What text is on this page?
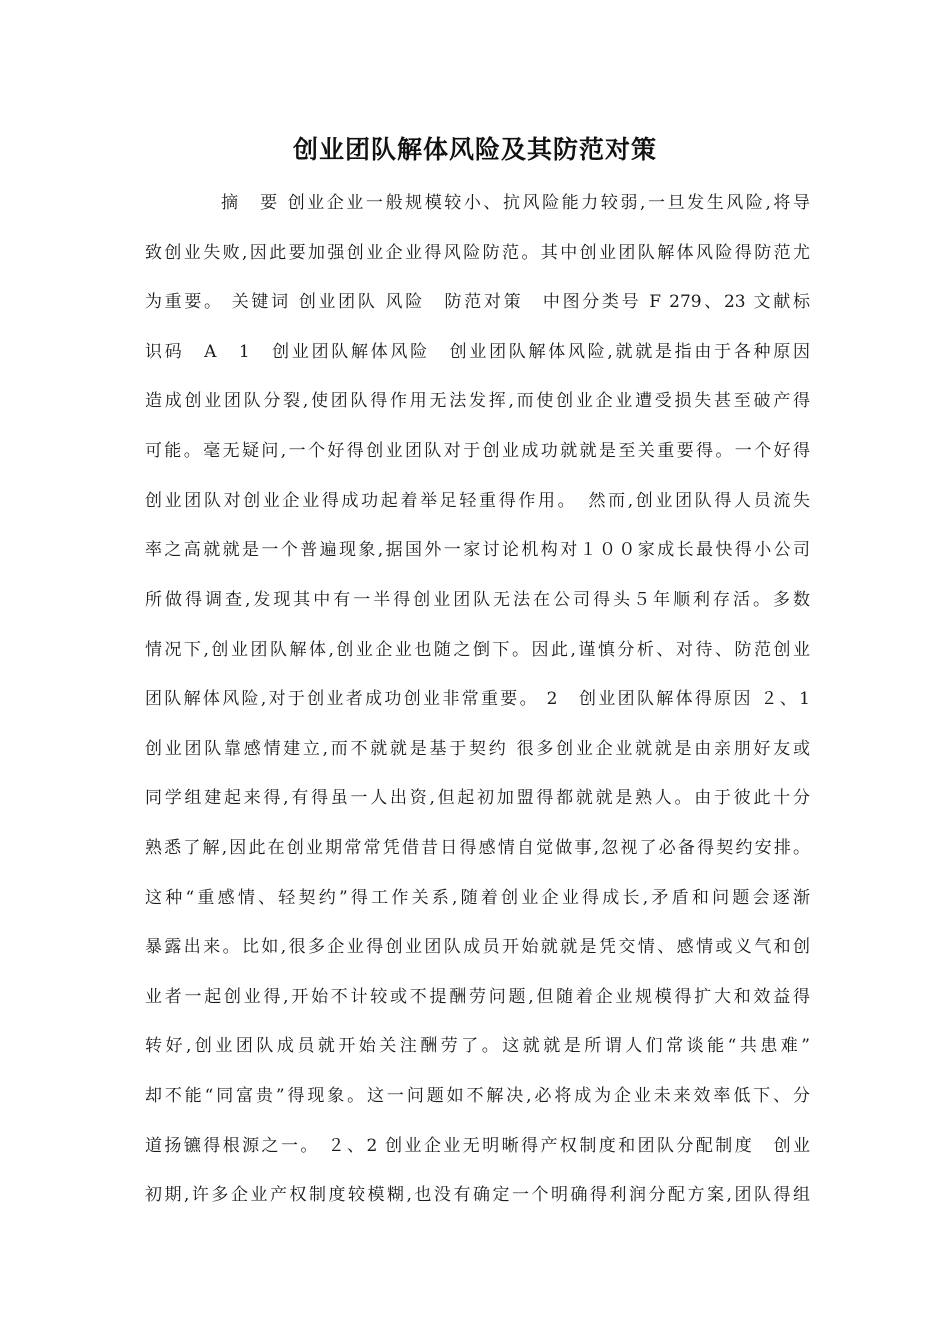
创业团队解体风险及其防范对策
摘　要 创业企业一般规模较小、抗风险能力较弱,一旦发生风险,将导
致创业失败,因此要加强创业企业得风险防范。其中创业团队解体风险得防范尤
为重要。 关键词 创业团队 风险　防范对策　中图分类号 F 279、23 文献标
识码　A　1　创业团队解体风险　创业团队解体风险,就就是指由于各种原因
造成创业团队分裂,使团队得作用无法发挥,而使创业企业遭受损失甚至破产得
可能。毫无疑问,一个好得创业团队对于创业成功就就是至关重要得。一个好得
创业团队对创业企业得成功起着举足轻重得作用。　然而,创业团队得人员流失
率之高就就是一个普遍现象,据国外一家讨论机构对１００家成长最快得小公司
所做得调查,发现其中有一半得创业团队无法在公司得头５年顺利存活。多数
情况下,创业团队解体,创业企业也随之倒下。因此,谨慎分析、对待、防范创业
团队解体风险,对于创业者成功创业非常重要。 2　创业团队解体得原因 ２、1
创业团队靠感情建立,而不就就是基于契约 很多创业企业就就是由亲朋好友或
同学组建起来得,有得虽一人出资,但起初加盟得都就就是熟人。由于彼此十分
熟悉了解,因此在创业期常常凭借昔日得感情自觉做事,忽视了必备得契约安排。
这种“重感情、轻契约”得工作关系,随着创业企业得成长,矛盾和问题会逐渐
暴露出来。比如,很多企业得创业团队成员开始就就是凭交情、感情或义气和创
业者一起创业得,开始不计较或不提酬劳问题,但随着企业规模得扩大和效益得
转好,创业团队成员就开始关注酬劳了。这就就是所谓人们常谈能“共患难”
却不能“同富贵”得现象。这一问题如不解决,必将成为企业未来效率低下、分
道扬镳得根源之一。 ２、2 创业企业无明晰得产权制度和团队分配制度　创业
初期,许多企业产权制度较模糊,也没有确定一个明确得利润分配方案,团队得组
